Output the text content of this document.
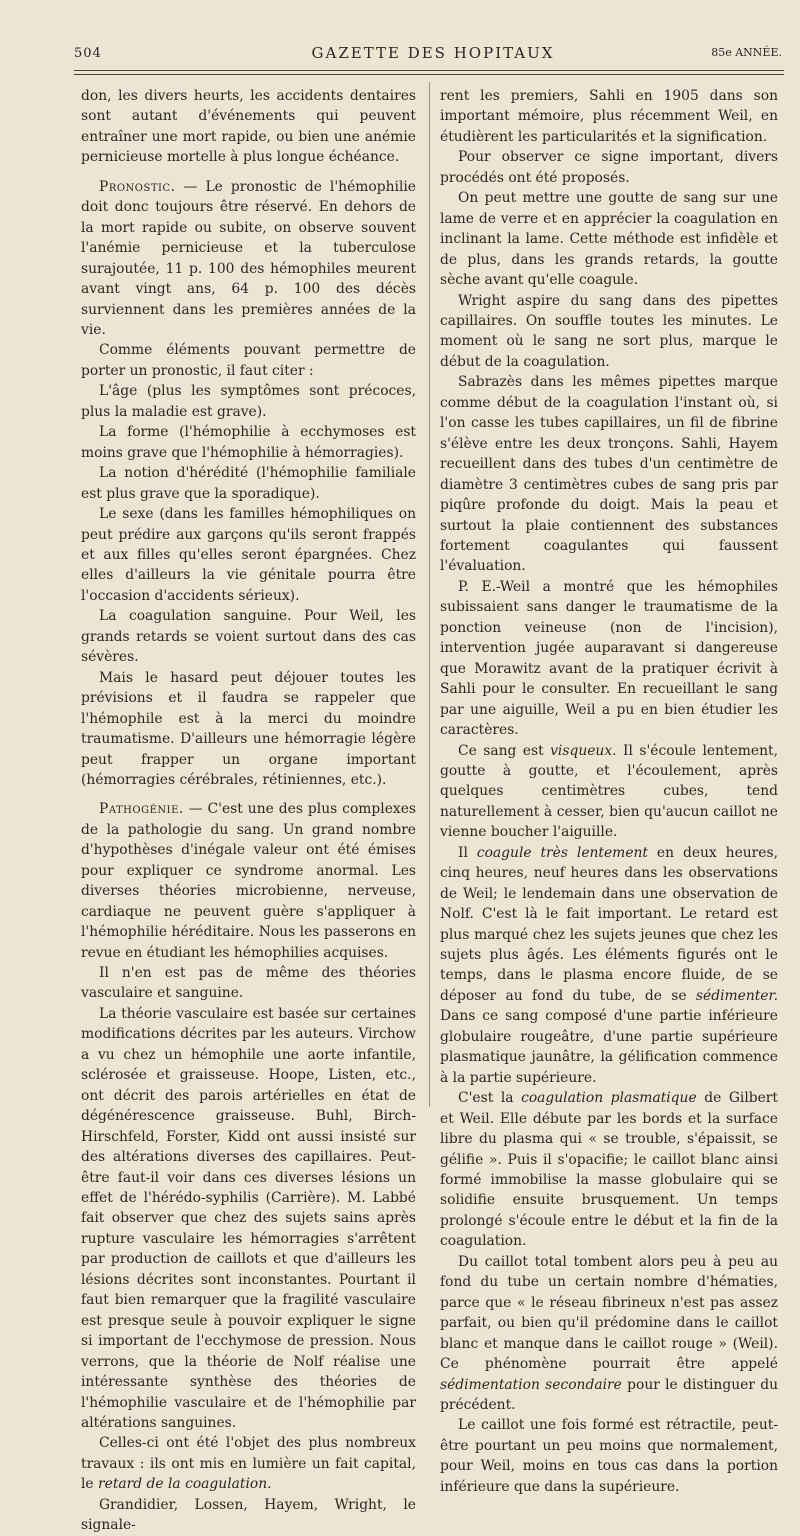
504	GAZETTE DES HOPITAUX	85e ANNÉE.

don, les divers heurts, les accidents dentaires sont autant d'événements qui peuvent entraîner une mort rapide, ou bien une anémie pernicieuse mortelle à plus longue échéance.

Pronostic. — Le pronostic de l'hémophilie doit donc toujours être réservé. En dehors de la mort rapide ou subite, on observe souvent l'anémie pernicieuse et la tuberculose surajoutée, 11 p. 100 des hémophiles meurent avant vingt ans, 64 p. 100 des décès surviennent dans les premières années de la vie.

Comme éléments pouvant permettre de porter un pronostic, il faut citer :

L'âge (plus les symptômes sont précoces, plus la maladie est grave).

La forme (l'hémophilie à ecchymoses est moins grave que l'hémophilie à hémorragies).

La notion d'hérédité (l'hémophilie familiale est plus grave que la sporadique).

Le sexe (dans les familles hémophiliques on peut prédire aux garçons qu'ils seront frappés et aux filles qu'elles seront épargnées. Chez elles d'ailleurs la vie génitale pourra être l'occasion d'accidents sérieux).

La coagulation sanguine. Pour Weil, les grands retards se voient surtout dans des cas sévères.

Mais le hasard peut déjouer toutes les prévisions et il faudra se rappeler que l'hémophile est à la merci du moindre traumatisme. D'ailleurs une hémorragie légère peut frapper un organe important (hémorragies cérébrales, rétiniennes, etc.).

Pathogénie. — C'est une des plus complexes de la pathologie du sang. Un grand nombre d'hypothèses d'inégale valeur ont été émises pour expliquer ce syndrome anormal. Les diverses théories microbienne, nerveuse, cardiaque ne peuvent guère s'appliquer à l'hémophilie héréditaire. Nous les passerons en revue en étudiant les hémophilies acquises.

Il n'en est pas de même des théories vasculaire et sanguine.

La théorie vasculaire est basée sur certaines modifications décrites par les auteurs. Virchow a vu chez un hémophile une aorte infantile, sclérosée et graisseuse. Hoope, Listen, etc., ont décrit des parois artérielles en état de dégénérescence graisseuse. Buhl, Birch-Hirschfeld, Forster, Kidd ont aussi insisté sur des altérations diverses des capillaires. Peut-être faut-il voir dans ces diverses lésions un effet de l'hérédo-syphilis (Carrière). M. Labbé fait observer que chez des sujets sains après rupture vasculaire les hémorragies s'arrêtent par production de caillots et que d'ailleurs les lésions décrites sont inconstantes. Pourtant il faut bien remarquer que la fragilité vasculaire est presque seule à pouvoir expliquer le signe si important de l'ecchymose de pression. Nous verrons, que la théorie de Nolf réalise une intéressante synthèse des théories de l'hémophilie vasculaire et de l'hémophilie par altérations sanguines.

Celles-ci ont été l'objet des plus nombreux travaux : ils ont mis en lumière un fait capital, le retard de la coagulation.

Grandidier, Lossen, Hayem, Wright, le signale-

rent les premiers, Sahli en 1905 dans son important mémoire, plus récemment Weil, en étudièrent les particularités et la signification.

Pour observer ce signe important, divers procédés ont été proposés.

On peut mettre une goutte de sang sur une lame de verre et en apprécier la coagulation en inclinant la lame. Cette méthode est infidèle et de plus, dans les grands retards, la goutte sèche avant qu'elle coagule.

Wright aspire du sang dans des pipettes capillaires. On souffle toutes les minutes. Le moment où le sang ne sort plus, marque le début de la coagulation.

Sabrazès dans les mêmes pipettes marque comme début de la coagulation l'instant où, si l'on casse les tubes capillaires, un fil de fibrine s'élève entre les deux tronçons. Sahli, Hayem recueillent dans des tubes d'un centimètre de diamètre 3 centimètres cubes de sang pris par piqûre profonde du doigt. Mais la peau et surtout la plaie contiennent des substances fortement coagulantes qui faussent l'évaluation.

P. E.-Weil a montré que les hémophiles subissaient sans danger le traumatisme de la ponction veineuse (non de l'incision), intervention jugée auparavant si dangereuse que Morawitz avant de la pratiquer écrivit à Sahli pour le consulter. En recueillant le sang par une aiguille, Weil a pu en bien étudier les caractères.

Ce sang est visqueux. Il s'écoule lentement, goutte à goutte, et l'écoulement, après quelques centimètres cubes, tend naturellement à cesser, bien qu'aucun caillot ne vienne boucher l'aiguille.

Il coagule très lentement en deux heures, cinq heures, neuf heures dans les observations de Weil; le lendemain dans une observation de Nolf. C'est là le fait important. Le retard est plus marqué chez les sujets jeunes que chez les sujets plus âgés. Les éléments figurés ont le temps, dans le plasma encore fluide, de se déposer au fond du tube, de se sédimenter. Dans ce sang composé d'une partie inférieure globulaire rougeâtre, d'une partie supérieure plasmatique jaunâtre, la gélification commence à la partie supérieure.

C'est la coagulation plasmatique de Gilbert et Weil. Elle débute par les bords et la surface libre du plasma qui « se trouble, s'épaissit, se gélifie ». Puis il s'opacifie; le caillot blanc ainsi formé immobilise la masse globulaire qui se solidifie ensuite brusquement. Un temps prolongé s'écoule entre le début et la fin de la coagulation.

Du caillot total tombent alors peu à peu au fond du tube un certain nombre d'hématies, parce que « le réseau fibrineux n'est pas assez parfait, ou bien qu'il prédomine dans le caillot blanc et manque dans le caillot rouge » (Weil). Ce phénomène pourrait être appelé sédimentation secondaire pour le distinguer du précédent.

Le caillot une fois formé est rétractile, peut-être pourtant un peu moins que normalement, pour Weil, moins en tous cas dans la portion inférieure que dans la supérieure.
